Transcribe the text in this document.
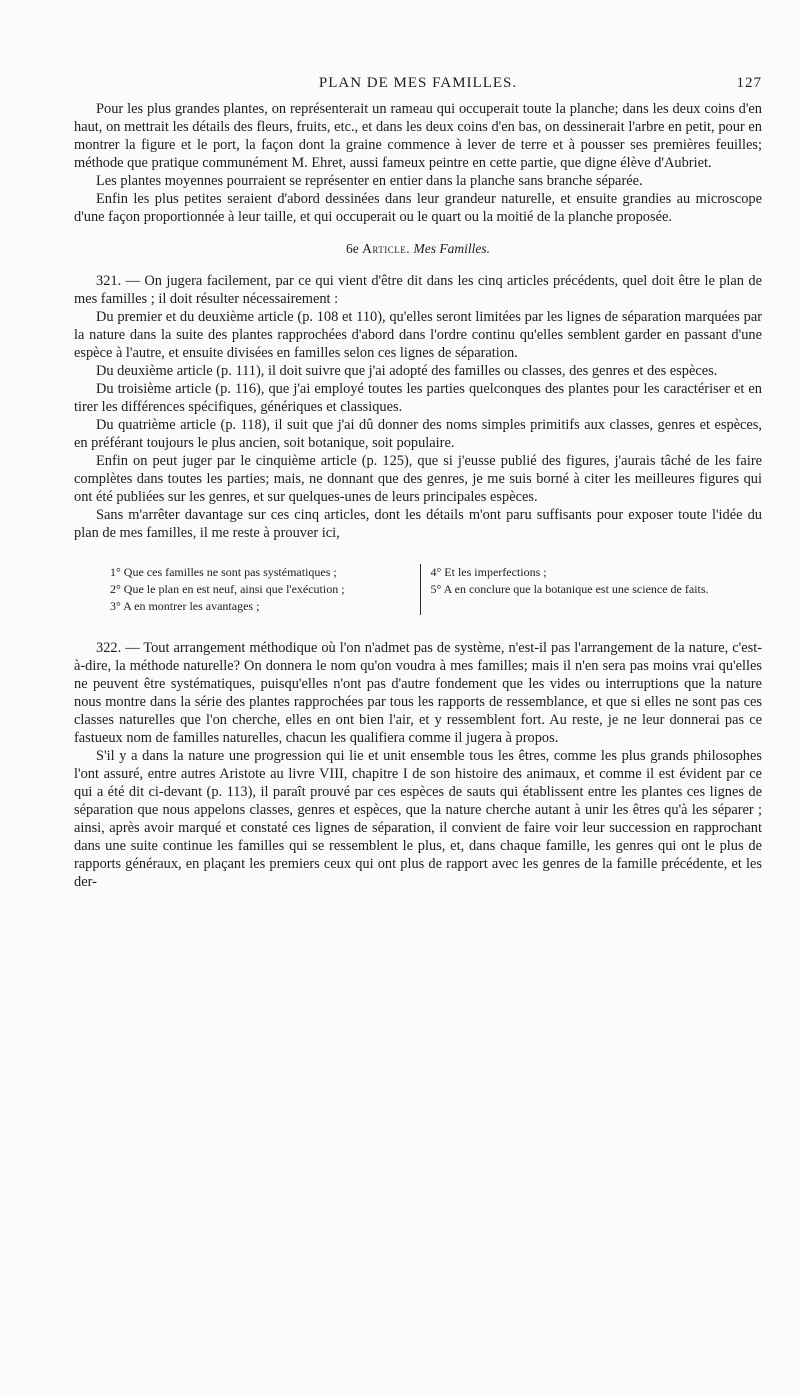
PLAN DE MES FAMILLES.	127

Pour les plus grandes plantes, on représenterait un rameau qui occuperait toute la planche; dans les deux coins d'en haut, on mettrait les détails des fleurs, fruits, etc., et dans les deux coins d'en bas, on dessinerait l'arbre en petit, pour en montrer la figure et le port, la façon dont la graine commence à lever de terre et à pousser ses premières feuilles; méthode que pratique communément M. Ehret, aussi fameux peintre en cette partie, que digne élève d'Aubriet.

Les plantes moyennes pourraient se représenter en entier dans la planche sans branche séparée.

Enfin les plus petites seraient d'abord dessinées dans leur grandeur naturelle, et ensuite grandies au microscope d'une façon proportionnée à leur taille, et qui occuperait ou le quart ou la moitié de la planche proposée.

6e Article. Mes Familles.

321. — On jugera facilement, par ce qui vient d'être dit dans les cinq articles précédents, quel doit être le plan de mes familles ; il doit résulter nécessairement :

Du premier et du deuxième article (p. 108 et 110), qu'elles seront limitées par les lignes de séparation marquées par la nature dans la suite des plantes rapprochées d'abord dans l'ordre continu qu'elles semblent garder en passant d'une espèce à l'autre, et ensuite divisées en familles selon ces lignes de séparation.

Du deuxième article (p. 111), il doit suivre que j'ai adopté des familles ou classes, des genres et des espèces.

Du troisième article (p. 116), que j'ai employé toutes les parties quelconques des plantes pour les caractériser et en tirer les différences spécifiques, génériques et classiques.

Du quatrième article (p. 118), il suit que j'ai dû donner des noms simples primitifs aux classes, genres et espèces, en préférant toujours le plus ancien, soit botanique, soit populaire.

Enfin on peut juger par le cinquième article (p. 125), que si j'eusse publié des figures, j'aurais tâché de les faire complètes dans toutes les parties; mais, ne donnant que des genres, je me suis borné à citer les meilleures figures qui ont été publiées sur les genres, et sur quelques-unes de leurs principales espèces.

Sans m'arrêter davantage sur ces cinq articles, dont les détails m'ont paru suffisants pour exposer toute l'idée du plan de mes familles, il me reste à prouver ici,

1° Que ces familles ne sont pas systématiques ;
2° Que le plan en est neuf, ainsi que l'exécution ;
3° A en montrer les avantages ;
4° Et les imperfections ;
5° A en conclure que la botanique est une science de faits.

322. — Tout arrangement méthodique où l'on n'admet pas de système, n'est-il pas l'arrangement de la nature, c'est-à-dire, la méthode naturelle? On donnera le nom qu'on voudra à mes familles; mais il n'en sera pas moins vrai qu'elles ne peuvent être systématiques, puisqu'elles n'ont pas d'autre fondement que les vides ou interruptions que la nature nous montre dans la série des plantes rapprochées par tous les rapports de ressemblance, et que si elles ne sont pas ces classes naturelles que l'on cherche, elles en ont bien l'air, et y ressemblent fort. Au reste, je ne leur donnerai pas ce fastueux nom de familles naturelles, chacun les qualifiera comme il jugera à propos.

S'il y a dans la nature une progression qui lie et unit ensemble tous les êtres, comme les plus grands philosophes l'ont assuré, entre autres Aristote au livre VIII, chapitre I de son histoire des animaux, et comme il est évident par ce qui a été dit ci-devant (p. 113), il paraît prouvé par ces espèces de sauts qui établissent entre les plantes ces lignes de séparation que nous appelons classes, genres et espèces, que la nature cherche autant à unir les êtres qu'à les séparer ; ainsi, après avoir marqué et constaté ces lignes de séparation, il convient de faire voir leur succession en rapprochant dans une suite continue les familles qui se ressemblent le plus, et, dans chaque famille, les genres qui ont le plus de rapports généraux, en plaçant les premiers ceux qui ont plus de rapport avec les genres de la famille précédente, et les der-
